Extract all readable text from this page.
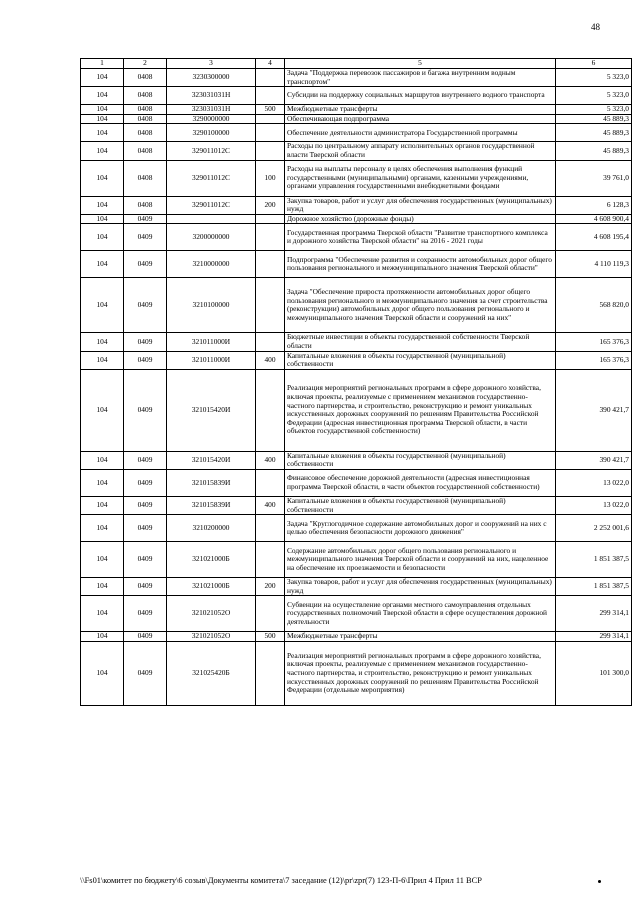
48
1	2	3	4	5	6
104	0408	3230300000		Задача "Поддержка перевозок пассажиров и багажа внутренним водным транспортом"	5 323,0
104	0408	323031031Н		Субсидии на поддержку социальных маршрутов внутреннего водного транспорта	5 323,0
104	0408	323031031Н	500	Межбюджетные трансферты	5 323,0
104	0408	3290000000		Обеспечивающая подпрограмма	45 889,3
104	0408	3290100000		Обеспечение деятельности администратора Государственной программы	45 889,3
104	0408	329011012С		Расходы по центральному аппарату исполнительных органов государственной власти Тверской области	45 889,3
104	0408	329011012С	100	Расходы на выплаты персоналу в целях обеспечения выполнения функций государственными (муниципальными) органами, казенными учреждениями, органами управления государственными внебюджетными фондами	39 761,0
104	0408	329011012С	200	Закупка товаров, работ и услуг для обеспечения государственных (муниципальных) нужд	6 128,3
104	0409			Дорожное хозяйство (дорожные фонды)	4 608 900,4
104	0409	3200000000		Государственная программа Тверской области "Развитие транспортного комплекса и дорожного хозяйства Тверской области" на 2016 - 2021 годы	4 608 195,4
104	0409	3210000000		Подпрограмма "Обеспечение развития и сохранности автомобильных дорог общего пользования регионального и межмуниципального значения Тверской области"	4 110 119,3
104	0409	3210100000		Задача "Обеспечение прироста протяженности автомобильных дорог общего пользования регионального и межмуниципального значения за счет строительства (реконструкции) автомобильных дорог общего пользования регионального и межмуниципального значения Тверской области и сооружений на них"	568 820,0
104	0409	321011000И		Бюджетные инвестиции в объекты государственной собственности Тверской области	165 376,3
104	0409	321011000И	400	Капитальные вложения в объекты государственной (муниципальной) собственности	165 376,3
104	0409	321015420И		Реализация мероприятий региональных программ в сфере дорожного хозяйства, включая проекты, реализуемые с применением механизмов государственно-частного партнерства, и строительство, реконструкцию и ремонт уникальных искусственных дорожных сооружений по решениям Правительства Российской Федерации (адресная инвестиционная программа Тверской области, в части объектов государственной собственности)	390 421,7
104	0409	321015420И	400	Капитальные вложения в объекты государственной (муниципальной) собственности	390 421,7
104	0409	321015839И		Финансовое обеспечение дорожной деятельности (адресная инвестиционная программа Тверской области, в части объектов государственной собственности)	13 022,0
104	0409	321015839И	400	Капитальные вложения в объекты государственной (муниципальной) собственности	13 022,0
104	0409	3210200000		Задача "Круглогодичное содержание автомобильных дорог и сооружений на них с целью обеспечения безопасности дорожного движения"	2 252 001,6
104	0409	321021000Б		Содержание автомобильных дорог общего пользования регионального и межмуниципального значения Тверской области и сооружений на них, нацеленное на обеспечение их проезжаемости и безопасности	1 851 387,5
104	0409	321021000Б	200	Закупка товаров, работ и услуг для обеспечения государственных (муниципальных) нужд	1 851 387,5
104	0409	321021052О		Субвенции на осуществление органами местного самоуправления отдельных государственных полномочий Тверской области в сфере осуществления дорожной деятельности	299 314,1
104	0409	321021052О	500	Межбюджетные трансферты	299 314,1
104	0409	321025420Б		Реализация мероприятий региональных программ в сфере дорожного хозяйства, включая проекты, реализуемые с применением механизмов государственно-частного партнерства, и строительство, реконструкцию и ремонт уникальных искусственных дорожных сооружений по решениям Правительства Российской Федерации (отдельные мероприятия)	101 300,0
\\Fs01\комитет по бюджету\6 созыв\Документы комитета\7 заседание (12)\pr\zpr(7) 123-П-6\Прил 4 Прил 11 ВСР
